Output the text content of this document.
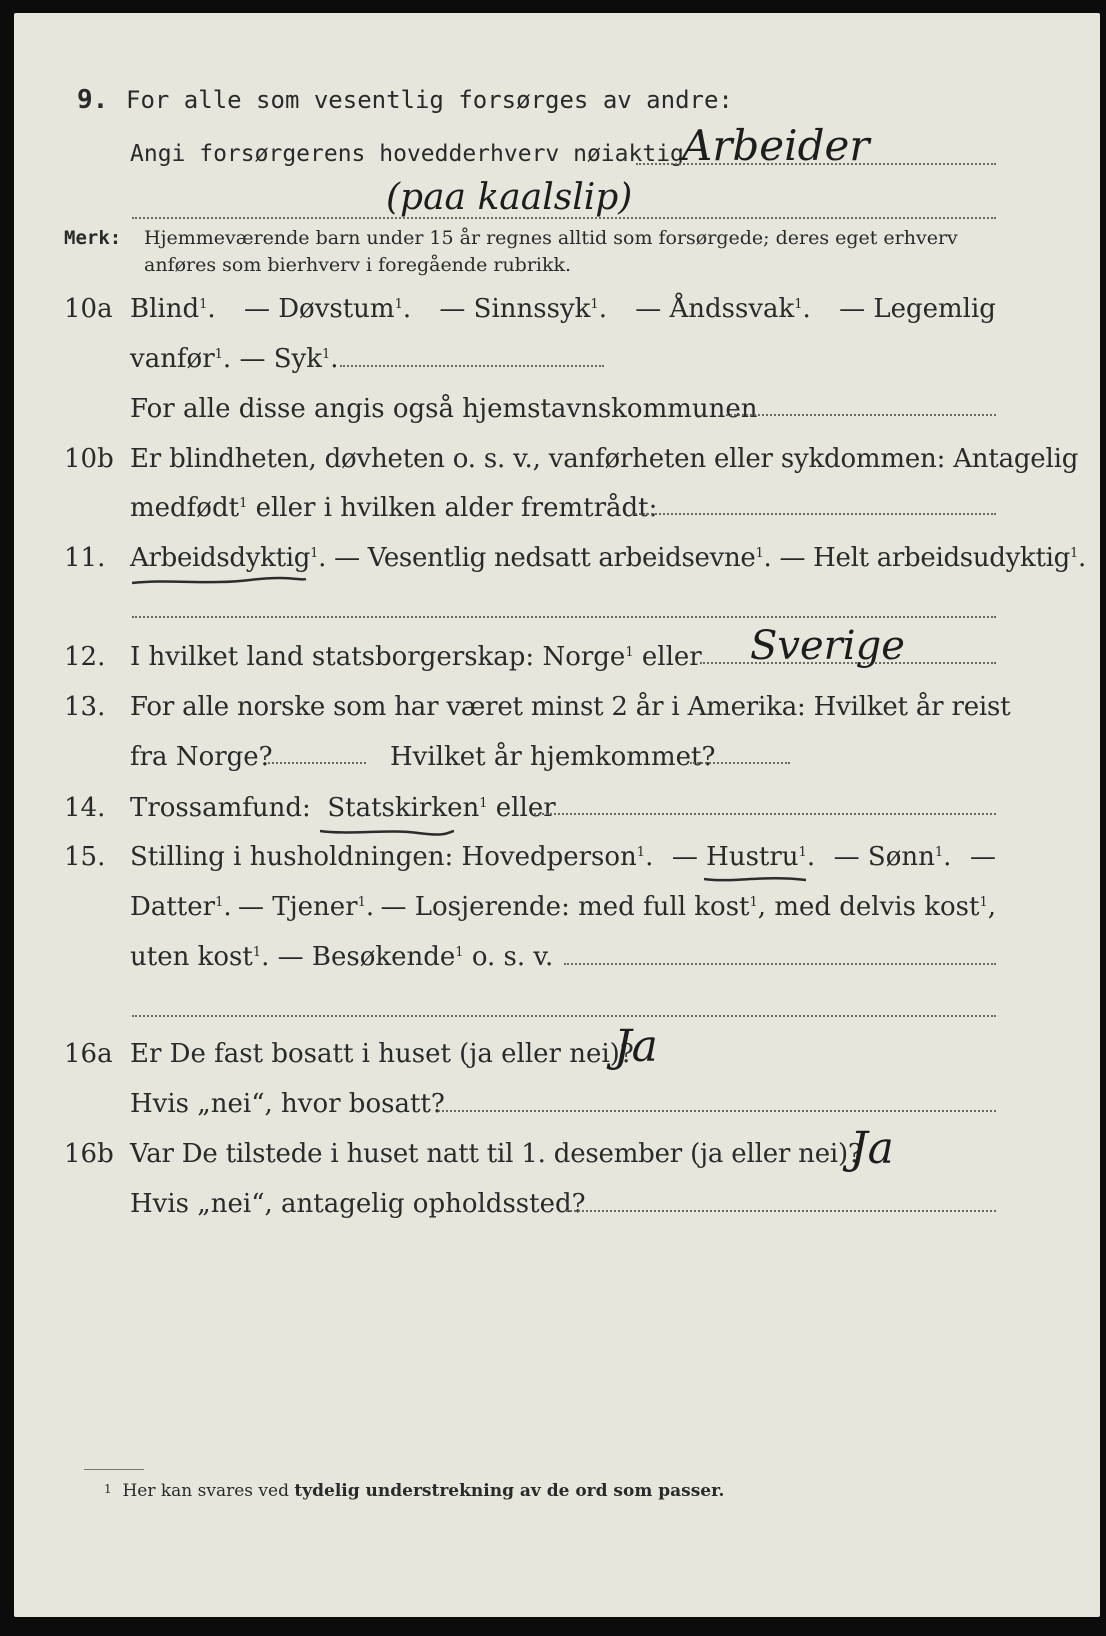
9. For alle som vesentlig forsørges av andre:
Angi forsørgerens hovedderhverv nøiaktig
Arbeider
(paa kaalslip)
Merk: Hjemmeværende barn under 15 år regnes alltid som forsørgede; deres eget erhverv
anføres som bierhverv i foregående rubrikk.
10a Blind$^1$. — Døvstum$^1$. — Sinnssyk$^1$. — Åndssvak$^1$. — Legemlig
vanfør$^1$. — Syk$^1$.
For alle disse angis også hjemstavnskommunen
10b Er blindheten, døvheten o. s. v., vanførheten eller sykdommen: Antagelig
medfødt$^1$ eller i hvilken alder fremtrådt:
11. Arbeidsdyktig$^1$. — Vesentlig nedsatt arbeidsevne$^1$. — Helt arbeidsudyktig$^1$.
12. I hvilket land statsborgerskap: Norge$^1$ eller Sverige
13. For alle norske som har været minst 2 år i Amerika: Hvilket år reist
fra Norge?	Hvilket år hjemkommet?
14. Trossamfund: Statskirken$^1$ eller
15. Stilling i husholdningen: Hovedperson$^1$. — Hustru$^1$. — Sønn$^1$. —
Datter$^1$. — Tjener$^1$. — Losjerende: med full kost$^1$, med delvis kost$^1$,
uten kost$^1$. — Besøkende$^1$ o. s. v.
16a Er De fast bosatt i huset (ja eller nei)?
Ja
Hvis „nei“, hvor bosatt?
16b Var De tilstede i huset natt til 1. desember (ja eller nei)?
Ja
Hvis „nei“, antagelig opholdssted?
1 Her kan svares ved tydelig understrekning av de ord som passer.
